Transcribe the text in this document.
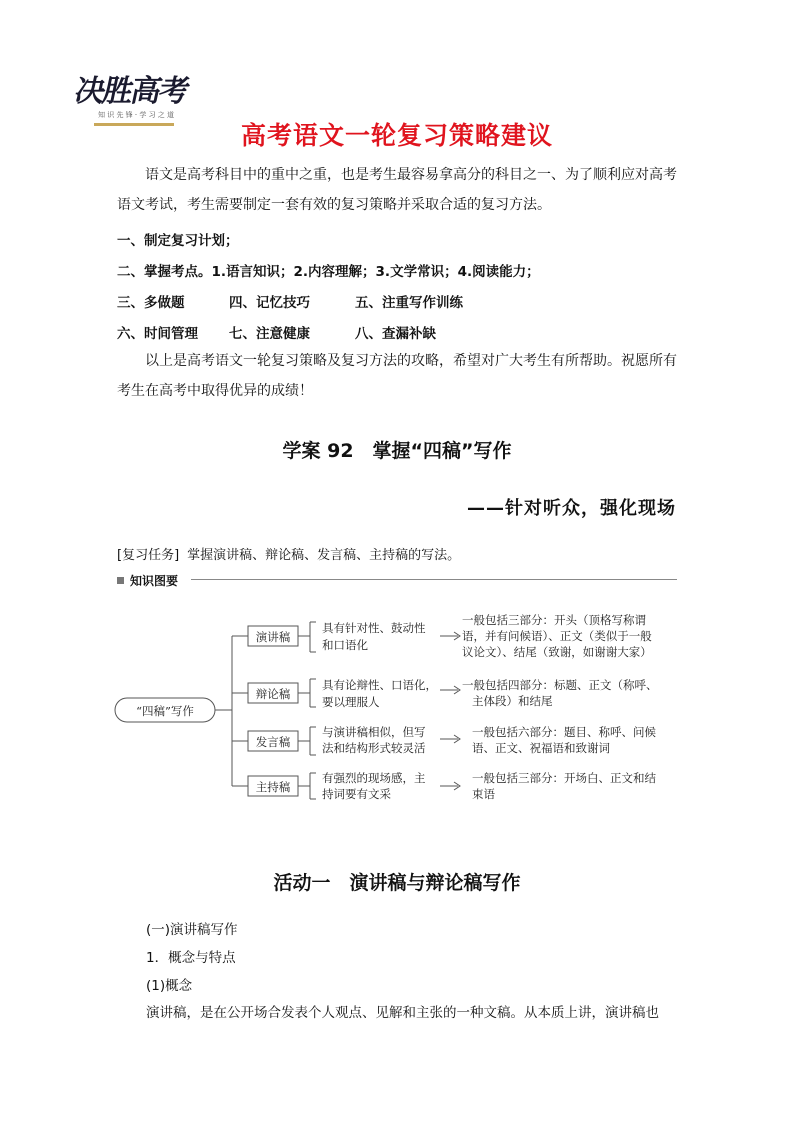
决胜高考
知 识 先 锋 · 学 习 之 道
高考语文一轮复习策略建议
语文是高考科目中的重中之重，也是考生最容易拿高分的科目之一、为了顺利应对高考语文考试，考生需要制定一套有效的复习策略并采取合适的复习方法。
一、制定复习计划；
二、掌握考点。1.语言知识；2.内容理解；3.文学常识；4.阅读能力；
三、多做题	四、记忆技巧	五、注重写作训练
六、时间管理 七、注意健康	八、查漏补缺
以上是高考语文一轮复习策略及复习方法的攻略，希望对广大考生有所帮助。祝愿所有考生在高考中取得优异的成绩！
学案 92　掌握“四稿”写作
——针对听众，强化现场
[复习任务] 掌握演讲稿、辩论稿、发言稿、主持稿的写法。
知识图要
“四稿”写作
演讲稿
具有针对性、鼓动性
和口语化
一般包括三部分：开头（顶格写称谓
语，并有问候语）、正文（类似于一般
议论文）、结尾（致谢，如谢谢大家）
辩论稿
具有论辩性、口语化，
要以理服人
一般包括四部分：标题、正文（称呼、
主体段）和结尾
发言稿
与演讲稿相似，但写
法和结构形式较灵活
一般包括六部分：题目、称呼、问候
语、正文、祝福语和致谢词
主持稿
有强烈的现场感，主
持词要有文采
一般包括三部分：开场白、正文和结
束语
活动一　演讲稿与辩论稿写作
(一)演讲稿写作
1．概念与特点
(1)概念
演讲稿，是在公开场合发表个人观点、见解和主张的一种文稿。从本质上讲，演讲稿也
